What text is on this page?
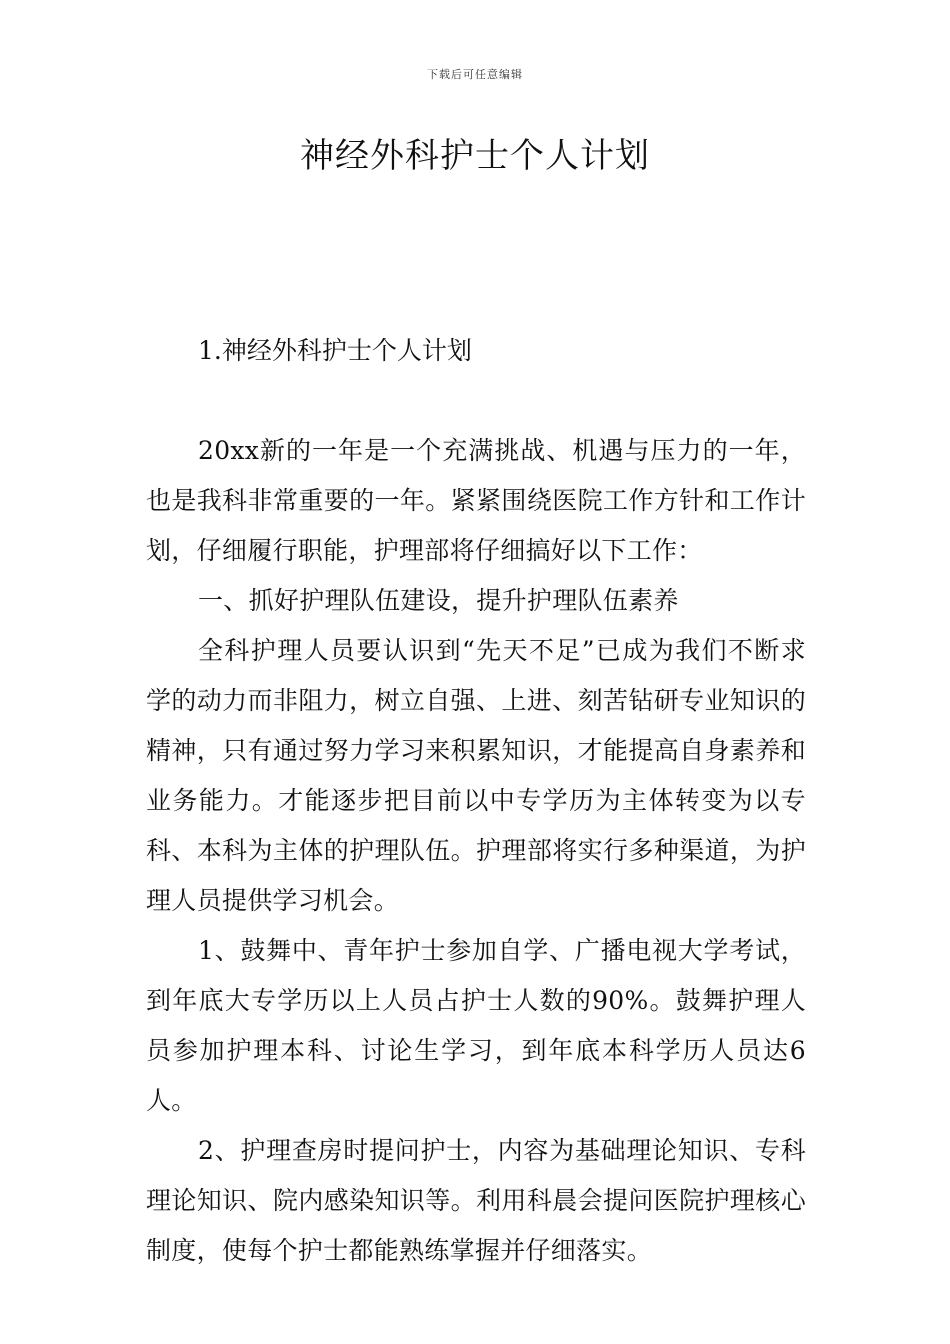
下载后可任意编辑
神经外科护士个人计划
1.神经外科护士个人计划

20xx新的一年是一个充满挑战、机遇与压力的一年，也是我科非常重要的一年。紧紧围绕医院工作方针和工作计划，仔细履行职能，护理部将仔细搞好以下工作：

一、抓好护理队伍建设，提升护理队伍素养

全科护理人员要认识到“先天不足”已成为我们不断求学的动力而非阻力，树立自强、上进、刻苦钻研专业知识的精神，只有通过努力学习来积累知识，才能提高自身素养和业务能力。才能逐步把目前以中专学历为主体转变为以专科、本科为主体的护理队伍。护理部将实行多种渠道，为护理人员提供学习机会。

1、鼓舞中、青年护士参加自学、广播电视大学考试，到年底大专学历以上人员占护士人数的90%。鼓舞护理人员参加护理本科、讨论生学习，到年底本科学历人员达6人。

2、护理查房时提问护士，内容为基础理论知识、专科理论知识、院内感染知识等。利用科晨会提问医院护理核心制度，使每个护士都能熟练掌握并仔细落实。
